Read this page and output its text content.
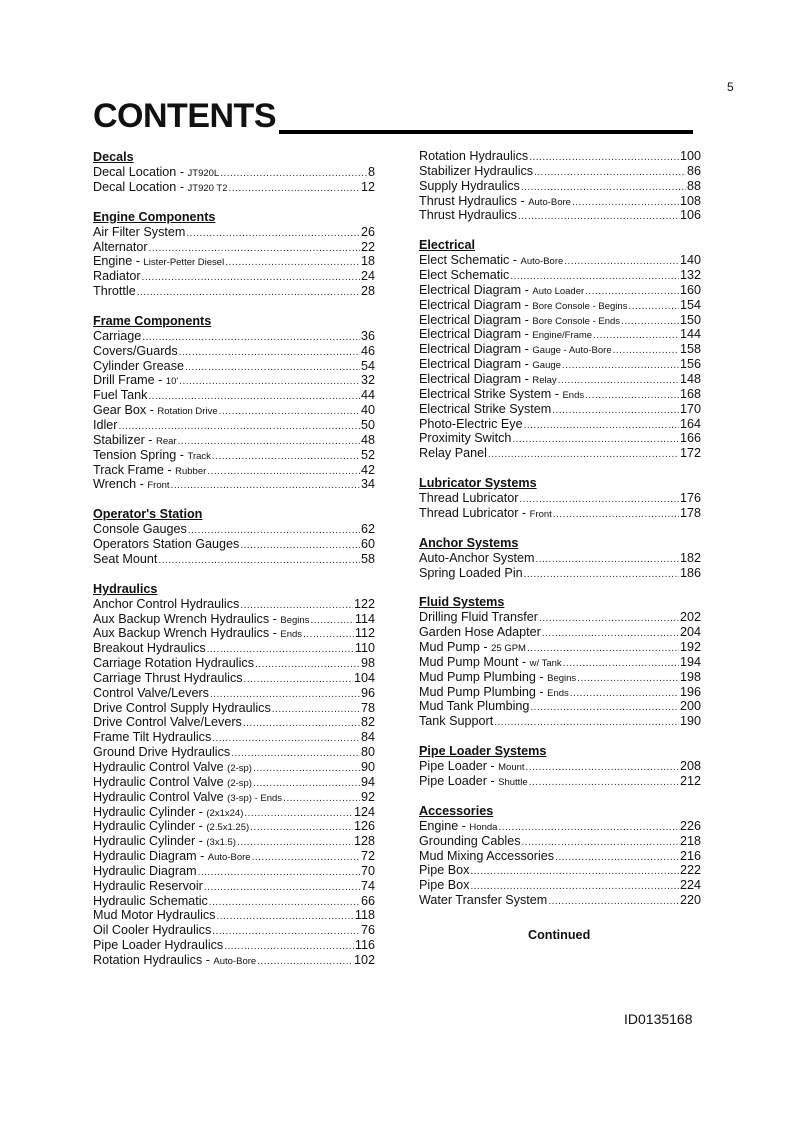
5
CONTENTS
Decals
Decal Location - JT920L .....	8
Decal Location - JT920 T2 .....	12
Engine Components
Air Filter System .....	26
Alternator .....	22
Engine - Lister-Petter Diesel .....	18
Radiator .....	24
Throttle .....	28
Frame Components
Carriage .....	36
Covers/Guards .....	46
Cylinder Grease .....	54
Drill Frame - 10' .....	32
Fuel Tank .....	44
Gear Box - Rotation Drive .....	40
Idler .....	50
Stabilizer - Rear .....	48
Tension Spring - Track .....	52
Track Frame - Rubber .....	42
Wrench - Front .....	34
Operator's Station
Console Gauges .....	62
Operators Station Gauges .....	60
Seat Mount .....	58
Hydraulics
Anchor Control Hydraulics .....	122
Aux Backup Wrench Hydraulics - Begins .....	114
Aux Backup Wrench Hydraulics - Ends .....	112
Breakout Hydraulics .....	110
Carriage Rotation Hydraulics .....	98
Carriage Thrust Hydraulics .....	104
Control Valve/Levers .....	96
Drive Control Supply Hydraulics .....	78
Drive Control Valve/Levers .....	82
Frame Tilt Hydraulics .....	84
Ground Drive Hydraulics .....	80
Hydraulic Control Valve (2-sp) .....	90
Hydraulic Control Valve (2-sp) .....	94
Hydraulic Control Valve (3-sp) - Ends .....	92
Hydraulic Cylinder - (2x1x24) .....	124
Hydraulic Cylinder - (2.5x1.25) .....	126
Hydraulic Cylinder - (3x1.5) .....	128
Hydraulic Diagram - Auto-Bore .....	72
Hydraulic Diagram .....	70
Hydraulic Reservoir .....	74
Hydraulic Schematic .....	66
Mud Motor Hydraulics .....	118
Oil Cooler Hydraulics .....	76
Pipe Loader Hydraulics .....	116
Rotation Hydraulics - Auto-Bore .....	102
Rotation Hydraulics .....	100
Stabilizer Hydraulics .....	86
Supply Hydraulics .....	88
Thrust Hydraulics - Auto-Bore .....	108
Thrust Hydraulics .....	106
Electrical
Elect Schematic - Auto-Bore .....	140
Elect Schematic .....	132
Electrical Diagram - Auto Loader .....	160
Electrical Diagram - Bore Console - Begins .....	154
Electrical Diagram - Bore Console - Ends .....	150
Electrical Diagram - Engine/Frame .....	144
Electrical Diagram - Gauge - Auto-Bore .....	158
Electrical Diagram - Gauge .....	156
Electrical Diagram - Relay .....	148
Electrical Strike System - Ends .....	168
Electrical Strike System .....	170
Photo-Electric Eye .....	164
Proximity Switch .....	166
Relay Panel .....	172
Lubricator Systems
Thread Lubricator .....	176
Thread Lubricator - Front .....	178
Anchor Systems
Auto-Anchor System .....	182
Spring Loaded Pin .....	186
Fluid Systems
Drilling Fluid Transfer .....	202
Garden Hose Adapter .....	204
Mud Pump - 25 GPM .....	192
Mud Pump Mount - w/ Tank .....	194
Mud Pump Plumbing - Begins .....	198
Mud Pump Plumbing - Ends .....	196
Mud Tank Plumbing .....	200
Tank Support .....	190
Pipe Loader Systems
Pipe Loader - Mount .....	208
Pipe Loader - Shuttle .....	212
Accessories
Engine - Honda .....	226
Grounding Cables .....	218
Mud Mixing Accessories .....	216
Pipe Box .....	222
Pipe Box .....	224
Water Transfer System .....	220
Continued
ID0135168
